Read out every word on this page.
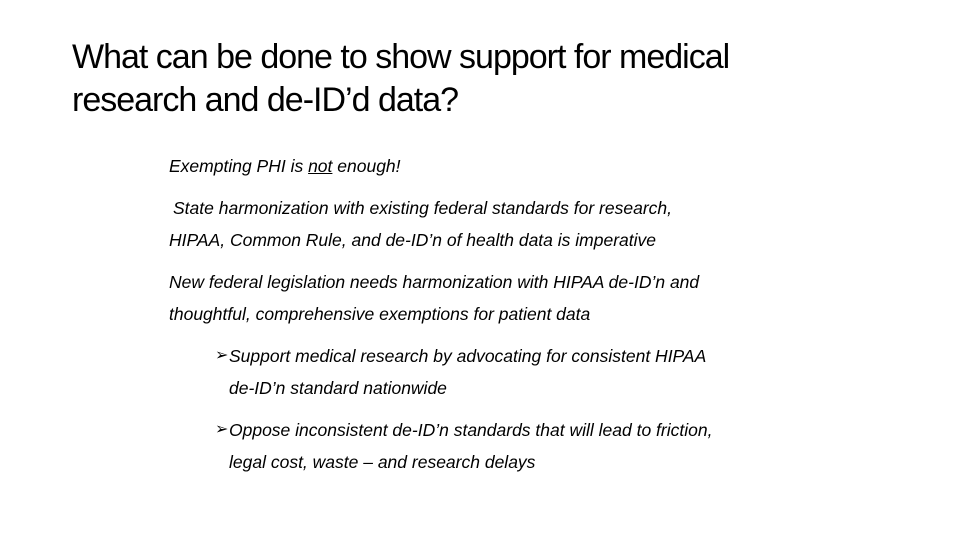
What can be done to show support for medical
research and de-ID’d data?

Exempting PHI is not enough!

State harmonization with existing federal standards for research,
HIPAA, Common Rule, and de-ID’n of health data is imperative

New federal legislation needs harmonization with HIPAA de-ID’n and
thoughtful, comprehensive exemptions for patient data

➢ Support medical research by advocating for consistent HIPAA
de-ID’n standard nationwide
➢ Oppose inconsistent de-ID’n standards that will lead to friction,
legal cost, waste – and research delays
